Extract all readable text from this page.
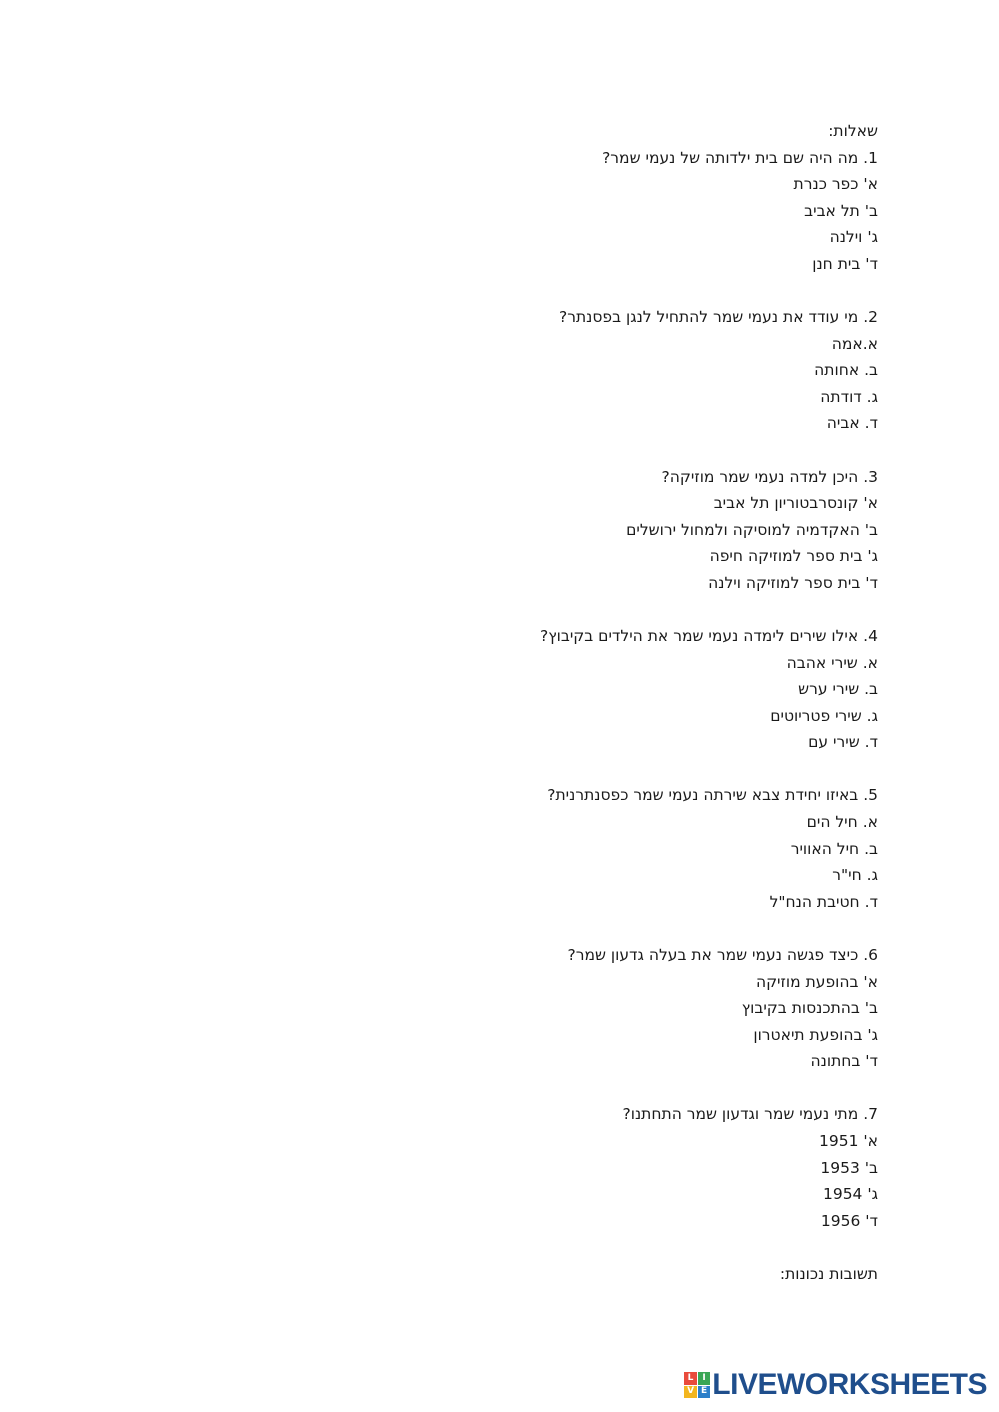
שאלות:
1. מה היה שם בית ילדותה של נעמי שמר?
א' כפר כנרת
ב' תל אביב
ג' וילנה
ד' בית חנן
2. מי עודד את נעמי שמר להתחיל לנגן בפסנתר?
א.אמה
ב. אחותה
ג. דודתה
ד. אביה
3. היכן למדה נעמי שמר מוזיקה?
א' קונסרבטוריון תל אביב
ב' האקדמיה למוסיקה ולמחול ירושלים
ג' בית ספר למוזיקה חיפה
ד' בית ספר למוזיקה וילנה
4. אילו שירים לימדה נעמי שמר את הילדים בקיבוץ?
א. שירי אהבה
ב. שירי ערש
ג. שירי פטריוטים
ד. שירי עם
5. באיזו יחידת צבא שירתה נעמי שמר כפסנתרנית?
א. חיל הים
ב. חיל האוויר
ג. חי"ר
ד. חטיבת הנח"ל
6. כיצד פגשה נעמי שמר את בעלה גדעון שמר?
א' בהופעת מוזיקה
ב' בהתכנסות בקיבוץ
ג' בהופעת תיאטרון
ד' בחתונה
7. מתי נעמי שמר וגדעון שמר התחתנו?
א' 1951
ב' 1953
ג' 1954
ד' 1956
תשובות נכונות:
L I
V E LIVEWORKSHEETS
